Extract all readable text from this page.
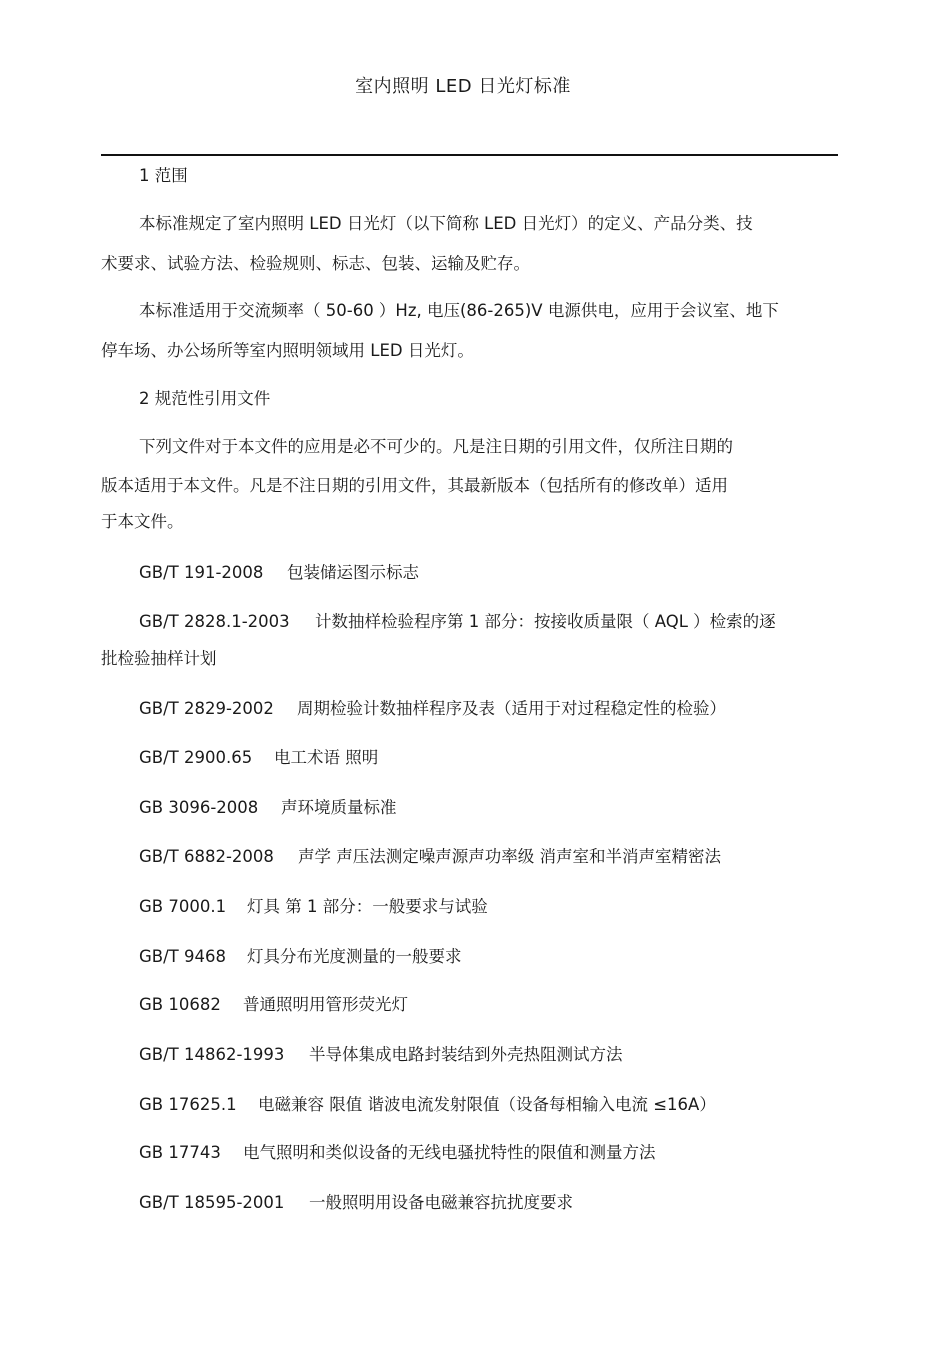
室内照明 LED 日光灯标准
1 范围
本标准规定了室内照明 LED 日光灯（以下简称 LED 日光灯）的定义、产品分类、技
术要求、试验方法、检验规则、标志、包装、运输及贮存。
本标准适用于交流频率（ 50-60 ）Hz, 电压(86-265)V 电源供电，应用于会议室、地下
停车场、办公场所等室内照明领域用 LED 日光灯。
2 规范性引用文件
下列文件对于本文件的应用是必不可少的。凡是注日期的引用文件，仅所注日期的
版本适用于本文件。凡是不注日期的引用文件，其最新版本（包括所有的修改单）适用
于本文件。
GB/T 191-2008 包装储运图示标志
GB/T 2828.1-2003 计数抽样检验程序第 1 部分：按接收质量限（ AQL ）检索的逐
批检验抽样计划
GB/T 2829-2002 周期检验计数抽样程序及表（适用于对过程稳定性的检验）
GB/T 2900.65 电工术语 照明
GB 3096-2008 声环境质量标准
GB/T 6882-2008 声学 声压法测定噪声源声功率级 消声室和半消声室精密法
GB 7000.1 灯具 第 1 部分：一般要求与试验
GB/T 9468 灯具分布光度测量的一般要求
GB 10682 普通照明用管形荧光灯
GB/T 14862-1993 半导体集成电路封装结到外壳热阻测试方法
GB 17625.1 电磁兼容 限值 谐波电流发射限值（设备每相输入电流 ≤16A）
GB 17743 电气照明和类似设备的无线电骚扰特性的限值和测量方法
GB/T 18595-2001 一般照明用设备电磁兼容抗扰度要求
